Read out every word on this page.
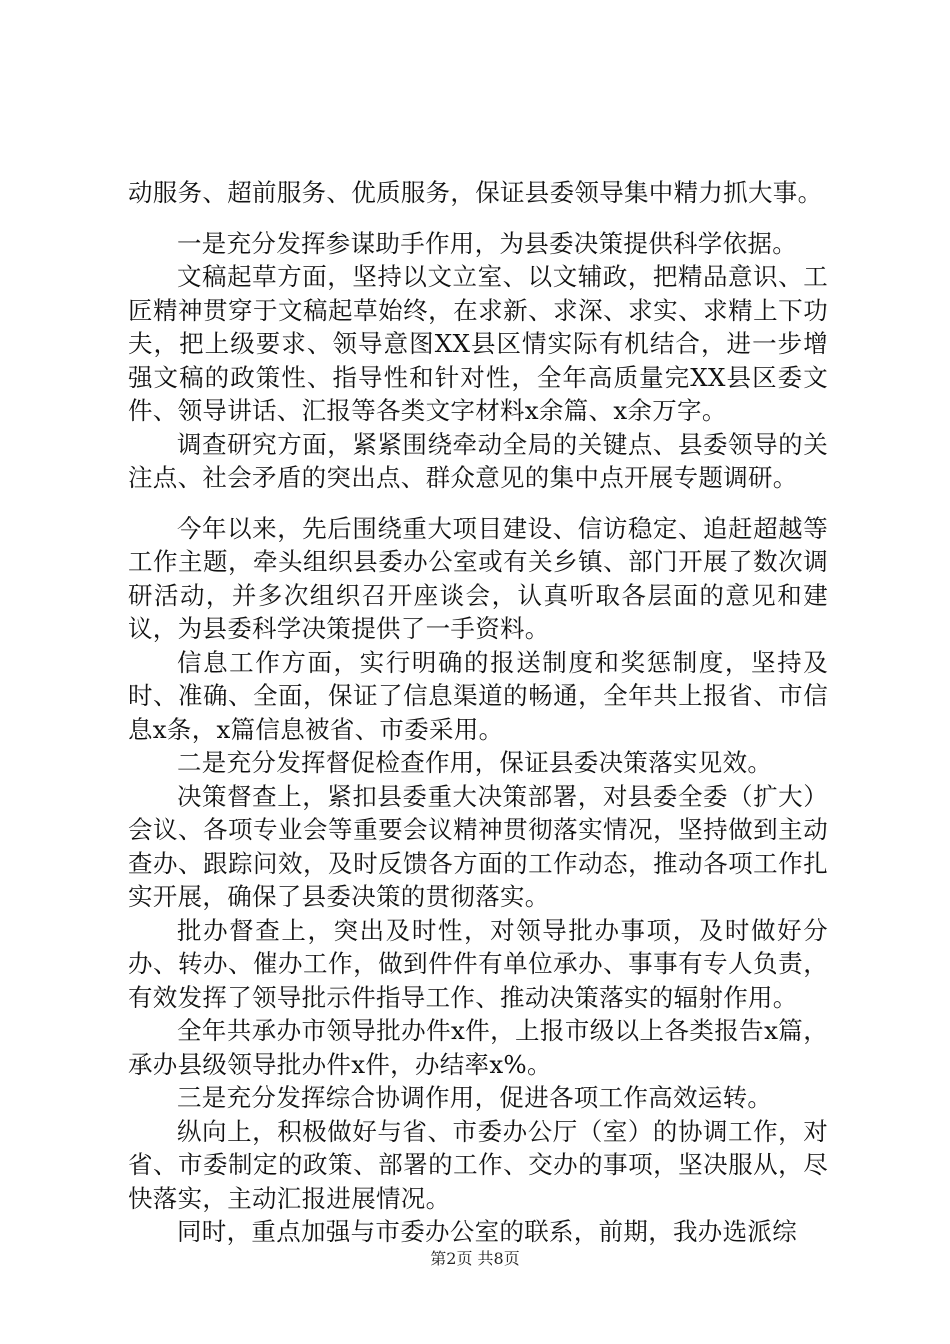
动服务、超前服务、优质服务，保证县委领导集中精力抓大事。

一是充分发挥参谋助手作用，为县委决策提供科学依据。

文稿起草方面，坚持以文立室、以文辅政，把精品意识、工匠精神贯穿于文稿起草始终，在求新、求深、求实、求精上下功夫，把上级要求、领导意图XX县区情实际有机结合，进一步增强文稿的政策性、指导性和针对性，全年高质量完XX县区委文件、领导讲话、汇报等各类文字材料x余篇、x余万字。

调查研究方面，紧紧围绕牵动全局的关键点、县委领导的关注点、社会矛盾的突出点、群众意见的集中点开展专题调研。

今年以来，先后围绕重大项目建设、信访稳定、追赶超越等工作主题，牵头组织县委办公室或有关乡镇、部门开展了数次调研活动，并多次组织召开座谈会，认真听取各层面的意见和建议，为县委科学决策提供了一手资料。

信息工作方面，实行明确的报送制度和奖惩制度，坚持及时、准确、全面，保证了信息渠道的畅通，全年共上报省、市信息x条，x篇信息被省、市委采用。

二是充分发挥督促检查作用，保证县委决策落实见效。

决策督查上，紧扣县委重大决策部署，对县委全委（扩大）会议、各项专业会等重要会议精神贯彻落实情况，坚持做到主动查办、跟踪问效，及时反馈各方面的工作动态，推动各项工作扎实开展，确保了县委决策的贯彻落实。

批办督查上，突出及时性，对领导批办事项，及时做好分办、转办、催办工作，做到件件有单位承办、事事有专人负责，有效发挥了领导批示件指导工作、推动决策落实的辐射作用。

全年共承办市领导批办件x件，上报市级以上各类报告x篇，承办县级领导批办件x件，办结率x%。

三是充分发挥综合协调作用，促进各项工作高效运转。

纵向上，积极做好与省、市委办公厅（室）的协调工作，对省、市委制定的政策、部署的工作、交办的事项，坚决服从，尽快落实，主动汇报进展情况。

同时，重点加强与市委办公室的联系，前期，我办选派综

第2页 共8页
